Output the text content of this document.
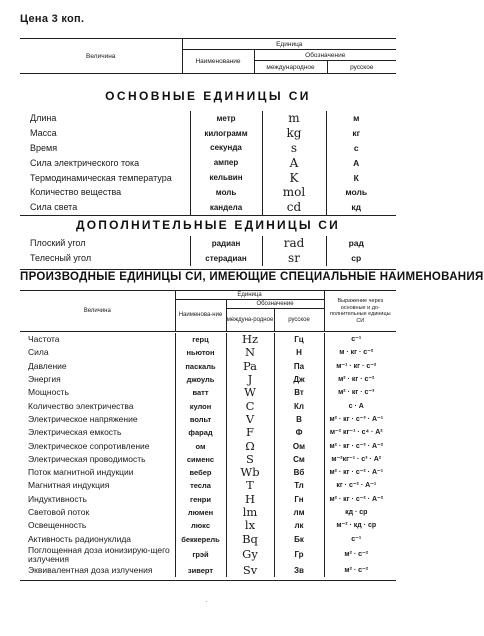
Цена 3 коп.
Величина	Единица		
	Наименование	Обозначение	
		международное	русское
ОСНОВНЫЕ ЕДИНИЦЫ СИ
Длина	метр	m	м
Масса	килограмм	kg	кг
Время	секунда	s	с
Сила электрического тока	ампер	A	А
Термодинамическая температура	кельвин	K	К
Количество вещества	моль	mol	моль
Сила света	кандела	cd	кд
ДОПОЛНИТЕЛЬНЫЕ ЕДИНИЦЫ СИ
Плоский угол	радиан	rad	рад
Телесный угол	стерадиан	sr	ср
ПРОИЗВОДНЫЕ ЕДИНИЦЫ СИ, ИМЕЮЩИЕ СПЕЦИАЛЬНЫЕ НАИМЕНОВАНИЯ
Величина	Единица			Выражение через основные и до-полнительные единицы СИ
	Наименова-ние	Обозначение		
		междуна-родное	русское	
Частота	герц	Hz	Гц	с⁻¹
Сила	ньютон	N	Н	м · кг · с⁻²
Давление	паскаль	Pa	Па	м⁻¹ · кг · с⁻²
Энергия	джоуль	J	Дж	м² · кг · с⁻²
Мощность	ватт	W	Вт	м² · кг · с⁻³
Количество электричества	кулон	C	Кл	с · А
Электрическое напряжение	вольт	V	В	м² · кг · с⁻³ · А⁻¹
Электрическая емкость	фарад	F	Ф	м⁻² кг⁻¹ · с⁴ · А²
Электрическое сопротивление	ом	Ω	Ом	м² · кг · с⁻³ · А⁻²
Электрическая проводимость	сименс	S	См	м⁻²кг⁻¹ · с³ · А²
Поток магнитной индукции	вебер	Wb	Вб	м² · кг · с⁻² · А⁻¹
Магнитная индукция	тесла	T	Тл	кг · с⁻² · А⁻¹
Индуктивность	генри	H	Гн	м² · кг · с⁻² · А⁻²
Световой поток	люмен	lm	лм	кд · ср
Освещенность	люкс	lx	лк	м⁻² · кд · ср
Активность радионуклида	беккерель	Bq	Бк	с⁻¹
Поглощенная доза ионизирую-щего излучения	грэй	Gy	Гр	м² · с⁻²
Эквивалентная доза излучения	зиверт	Sv	Зв	м² · с⁻²
.
